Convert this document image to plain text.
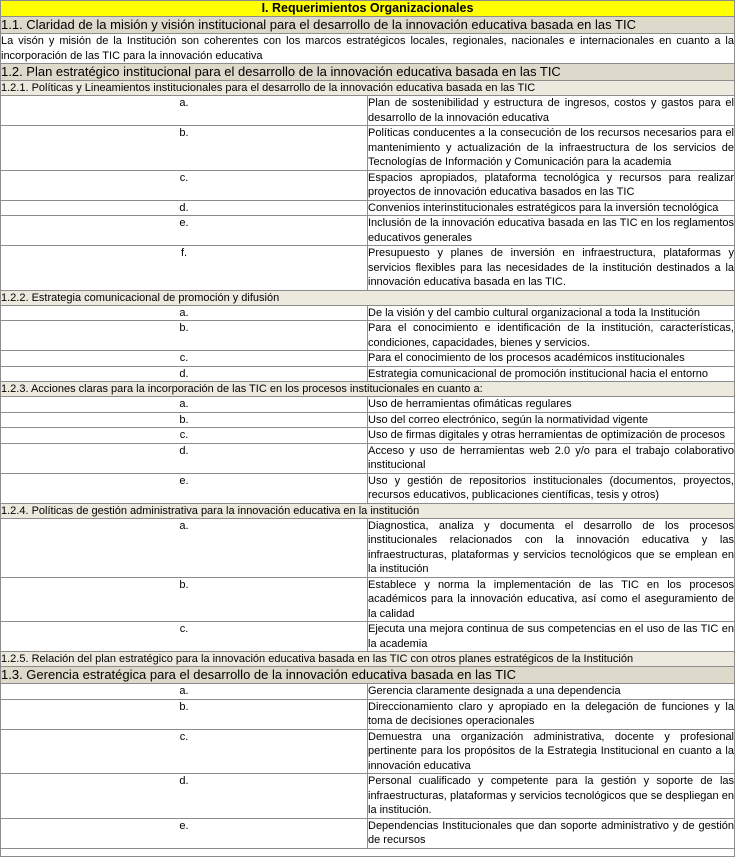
I. Requerimientos Organizacionales	
1.1. Claridad de la misión y visión institucional para el desarrollo de la innovación educativa basada en las TIC	
La visón y misión de la Institución son coherentes con los marcos estratégicos locales, regionales, nacionales e internacionales en cuanto a la incorporación de las TIC para la innovación educativa	
1.2. Plan estratégico institucional para el desarrollo de la innovación educativa basada en las TIC	
1.2.1. Políticas y Lineamientos institucionales para el desarrollo de la innovación educativa basada en las TIC	
a.	Plan de sostenibilidad y estructura de ingresos, costos y gastos para el desarrollo de la innovación educativa
b.	Políticas conducentes a la consecución de los recursos necesarios para el mantenimiento y actualización de la infraestructura de los servicios de Tecnologías de Información y Comunicación para la academia
c.	Espacios apropiados, plataforma tecnológica y recursos para realizar proyectos de innovación educativa basados en las TIC
d.	Convenios interinstitucionales estratégicos para la inversión tecnológica
e.	Inclusión de la innovación educativa basada en las TIC en los reglamentos educativos generales
f.	Presupuesto y planes de inversión en infraestructura, plataformas y servicios flexibles para las necesidades de la institución destinados a la innovación educativa basada en las TIC.
1.2.2. Estrategia comunicacional de promoción y difusión	
a.	De la visión y del cambio cultural organizacional a toda la Institución
b.	Para el conocimiento e identificación de la institución, características, condiciones, capacidades, bienes y servicios.
c.	Para el conocimiento de los procesos académicos institucionales
d.	Estrategia comunicacional de promoción institucional hacia el entorno
1.2.3. Acciones claras para la incorporación de las TIC en los procesos institucionales en cuanto a:	
a.	Uso de herramientas ofimáticas regulares
b.	Uso del correo electrónico, según la normatividad vigente
c.	Uso de firmas digitales y otras herramientas de optimización de procesos
d.	Acceso y uso de herramientas web 2.0 y/o para el trabajo colaborativo institucional
e.	Uso y gestión de repositorios institucionales (documentos, proyectos, recursos educativos, publicaciones científicas, tesis y otros)
1.2.4. Políticas de gestión administrativa para la innovación educativa en la institución	
a.	Diagnostica, analiza y documenta el desarrollo de los procesos institucionales relacionados con la innovación educativa y las infraestructuras, plataformas y servicios tecnológicos que se emplean en la institución
b.	Establece y norma la implementación de las TIC en los procesos académicos para la innovación educativa, así como el aseguramiento de la calidad
c.	Ejecuta una mejora continua de sus competencias en el uso de las TIC en la academia
1.2.5. Relación del plan estratégico para la innovación educativa basada en las TIC con otros planes estratégicos de la Institución	
1.3. Gerencia estratégica para el desarrollo de la innovación educativa basada en las TIC	
a.	Gerencia claramente designada a una dependencia
b.	Direccionamiento claro y apropiado en la delegación de funciones y la toma de decisiones operacionales
c.	Demuestra una organización administrativa, docente y profesional pertinente para los propósitos de la Estrategia Institucional en cuanto a la innovación educativa
d.	Personal cualificado y competente para la gestión y soporte de las infraestructuras, plataformas y servicios tecnológicos que se despliegan en la institución.
e.	Dependencias Institucionales que dan soporte administrativo y de gestión de recursos
